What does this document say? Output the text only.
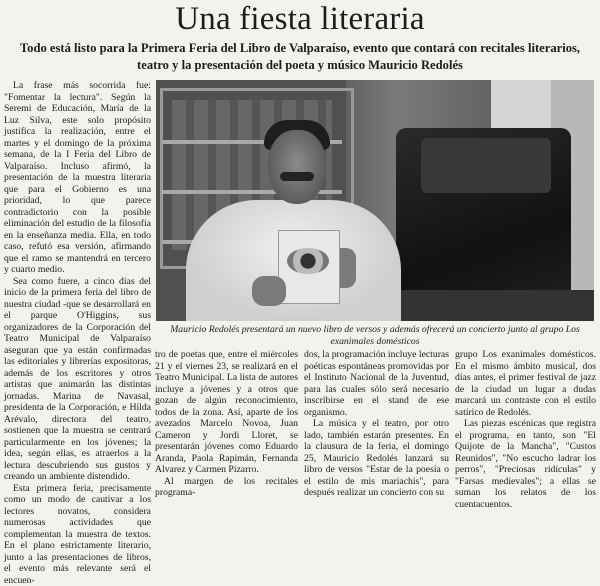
Una fiesta literaria
Todo está listo para la Primera Feria del Libro de Valparaíso, evento que contará con recitales literarios, teatro y la presentación del poeta y músico Mauricio Redolés

La frase más socorrida fue: "Fomentar la lectura". Según la Seremi de Educación, María de la Luz Silva, este solo propósito justifica la realización, entre el martes y el domingo de la próxima semana, de la I Feria del Libro de Valparaíso. Incluso afirmó, la presentación de la muestra literaria que para el Gobierno es una prioridad, lo que parece contradictorio con la posible eliminación del estudio de la filosofía en la enseñanza media. Ella, en todo caso, refutó esa versión, afirmando que el ramo se mantendrá en tercero y cuarto medio.

Sea como fuere, a cinco días del inicio de la primera feria del libro de nuestra ciudad -que se desarrollará en el parque O'Higgins, sus organizadores de la Corporación del Teatro Municipal de Valparaíso aseguran que ya están confirmadas las editoriales y librerías expositoras, además de los escritores y otros artistas que animarán las distintas jornadas. Marina de Navasal, presidenta de la Corporación, e Hilda Arévalo, directora del teatro, sostienen que la muestra se centrará particularmente en los jóvenes; la idea, según ellas, es atraerlos a la lectura descubriendo sus gustos y creando un ambiente distendido.

Esta primera feria, precisamente como un modo de cautivar a los lectores novatos, considera numerosas actividades que complementan la muestra de textos. En el plano estrictamente literario, junto a las presentaciones de libros, el evento más relevante será el encuen-

Mauricio Redolés presentará un nuevo libro de versos y además ofrecerá un concierto junto al grupo Los exanimales domésticos

tro de poetas que, entre el miércoles 21 y el viernes 23, se realizará en el Teatro Municipal. La lista de autores incluye a jóvenes y a otros que gozan de algún reconocimiento, todos de la zona. Así, aparte de los avezados Marcelo Novoa, Juan Cameron y Jordi Lloret, se presentarán jóvenes como Eduardo Aranda, Paola Rapimán, Fernanda Alvarez y Carmen Pizarro.

Al margen de los recitales programa-

dos, la programación incluye lecturas poéticas espontáneas promovidas por el Instituto Nacional de la Juventud, para las cuales sólo será necesario inscribirse en el stand de ese organismo.

La música y el teatro, por otro lado, también estarán presentes. En la clausura de la feria, el domingo 25, Mauricio Redolés lanzará su libro de versos "Estar de la poesía o el estilo de mis mariachis", para después realizar un concierto con su

grupo Los exanimales domésticos. En el mismo ámbito musical, dos días antes, el primer festival de jazz de la ciudad un lugar a dudas marcará un contraste con el estilo satírico de Redolés.

Las piezas escénicas que registra el programa, en tanto, son "El Quijote de la Mancha", "Custos Reunidos", "No escucho ladrar los perros", "Preciosas ridículas" y "Farsas medievales"; a ellas se suman los relatos de los cuentacuentos.
